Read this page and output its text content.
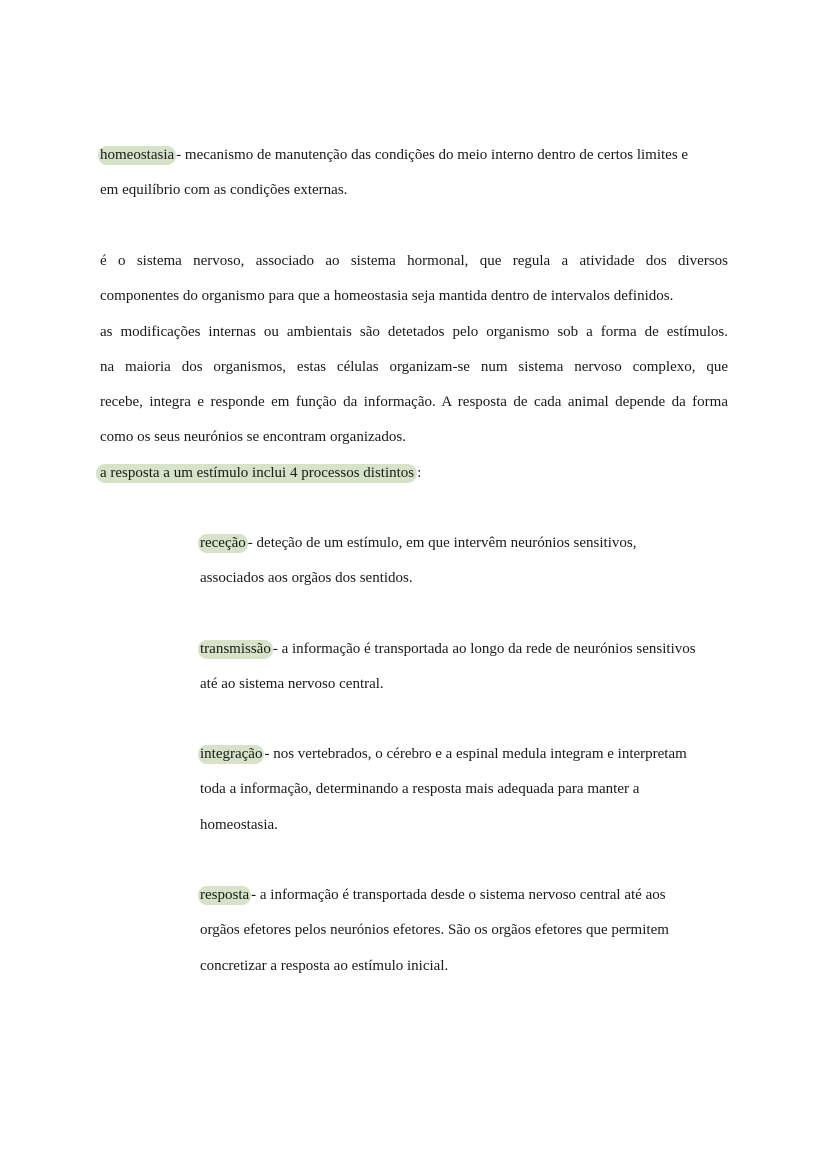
homeostasia - mecanismo de manutenção das condições do meio interno dentro de certos limites e

em equilíbrio com as condições externas.

é o sistema nervoso, associado ao sistema hormonal, que regula a atividade dos diversos
componentes do organismo para que a homeostasia seja mantida dentro de intervalos definidos.
as modificações internas ou ambientais são detetados pelo organismo sob a forma de estímulos.
na maioria dos organismos, estas células organizam-se num sistema nervoso complexo, que
recebe, integra e responde em função da informação. A resposta de cada animal depende da forma
como os seus neurónios se encontram organizados.
a resposta a um estímulo inclui 4 processos distintos :

receção - deteção de um estímulo, em que intervêm neurónios sensitivos,

associados aos orgãos dos sentidos.

transmissão - a informação é transportada ao longo da rede de neurónios sensitivos

até ao sistema nervoso central.

integração - nos vertebrados, o cérebro e a espinal medula integram e interpretam

toda a informação, determinando a resposta mais adequada para manter a

homeostasia.

resposta - a informação é transportada desde o sistema nervoso central até aos

orgãos efetores pelos neurónios efetores. São os orgãos efetores que permitem

concretizar a resposta ao estímulo inicial.
